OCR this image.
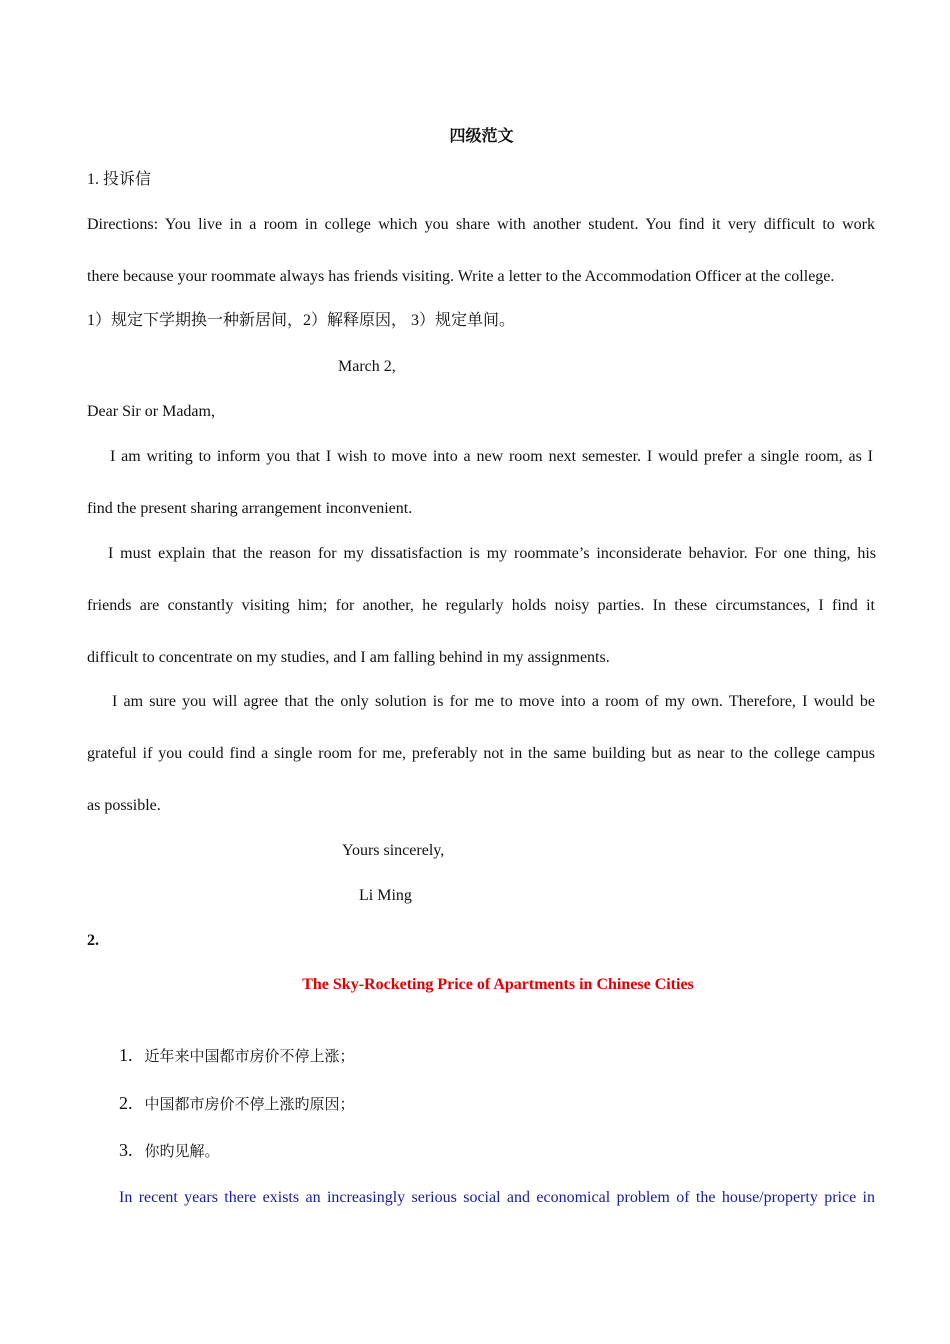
四级范文

1. 投诉信

Directions: You live in a room in college which you share with another student. You find it very difficult to work

there because your roommate always has friends visiting. Write a letter to the Accommodation Officer at the college.

1）规定下学期换一种新居间，2）解释原因， 3）规定单间。

March 2,

Dear Sir or Madam,

I am writing to inform you that I wish to move into a new room next semester. I would prefer a single room, as I

find the present sharing arrangement inconvenient.

I must explain that the reason for my dissatisfaction is my roommate’s inconsiderate behavior. For one thing, his

friends are constantly visiting him; for another, he regularly holds noisy parties. In these circumstances, I find it

difficult to concentrate on my studies, and I am falling behind in my assignments.

I am sure you will agree that the only solution is for me to move into a room of my own. Therefore, I would be

grateful if you could find a single room for me, preferably not in the same building but as near to the college campus

as possible.

Yours sincerely,

Li Ming

2.

The Sky-Rocketing Price of Apartments in Chinese Cities

1. 近年来中国都市房价不停上涨；
2. 中国都市房价不停上涨旳原因；
3. 你旳见解。

In recent years there exists an increasingly serious social and economical problem of the house/property price in
